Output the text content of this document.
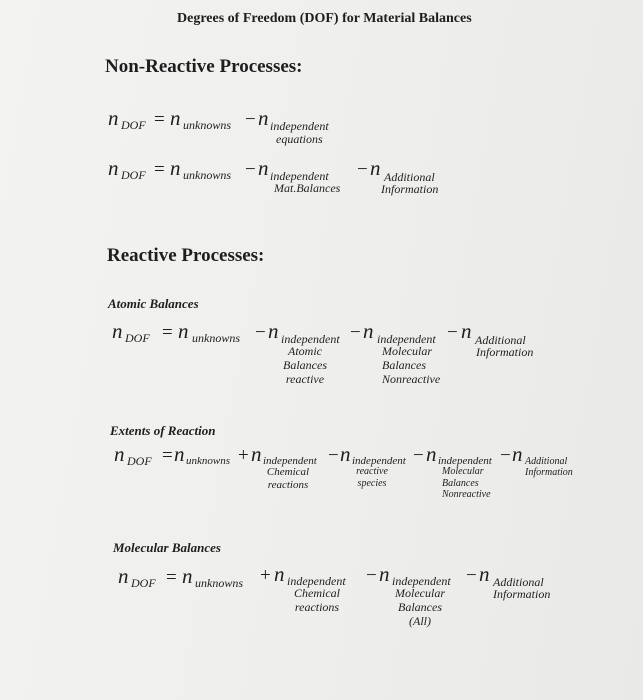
Degrees of Freedom (DOF) for Material Balances
Non-Reactive Processes:
n DOF = n unknowns − n independent
equations
n DOF = n unknowns − n independent
Mat.Balances
− n Additional
Information
Reactive Processes:
Atomic Balances
n DOF = n unknowns − n independent
Atomic
Balances
reactive
− n independent
Molecular
Balances
Nonreactive
− n Additional
Information
Extents of Reaction
n DOF = n unknowns + n independent
Chemical
reactions
− n independent
reactive
species
− n independent
Molecular
Balances
Nonreactive
− n Additional
Information
Molecular Balances
n DOF = n unknowns + n independent
Chemical
reactions
− n independent
Molecular
Balances
(All)
− n Additional
Information
